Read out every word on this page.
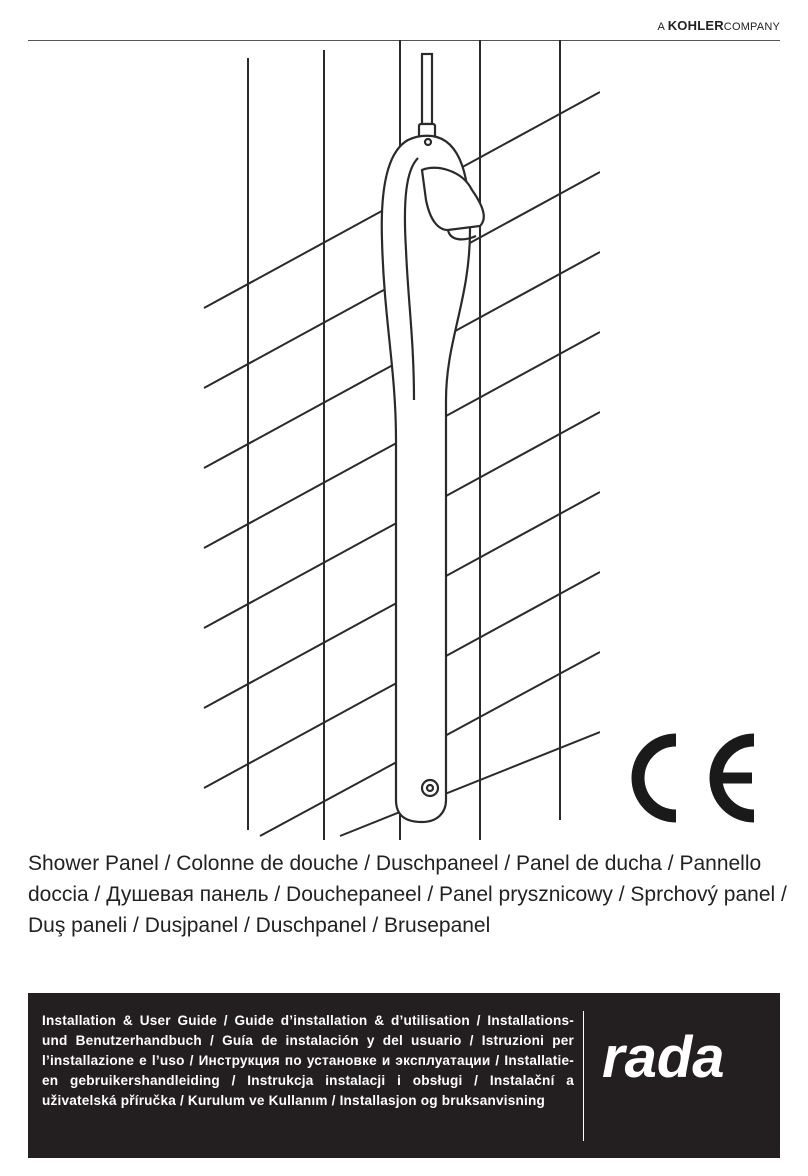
A KOHLERCOMPANY
Shower Panel / Colonne de douche / Duschpaneel / Panel de ducha / Pannello doccia / Душевая панель / Douchepaneel / Panel prysznicowy / Sprchový panel / Duş paneli / Dusjpanel / Duschpanel / Brusepanel

Installation & User Guide / Guide d’installation & d’utilisation / Installations- und Benutzerhandbuch / Guía de instalación y del usuario / Istruzioni per l’installazione e l’uso / Инструкция по установке и эксплуатации / Installatie- en gebruikershandleiding / Instrukcja instalacji i obsługi / Instalační a uživatelská příručka / Kurulum ve Kullanım / Installasjon og bruksanvisning

rada
